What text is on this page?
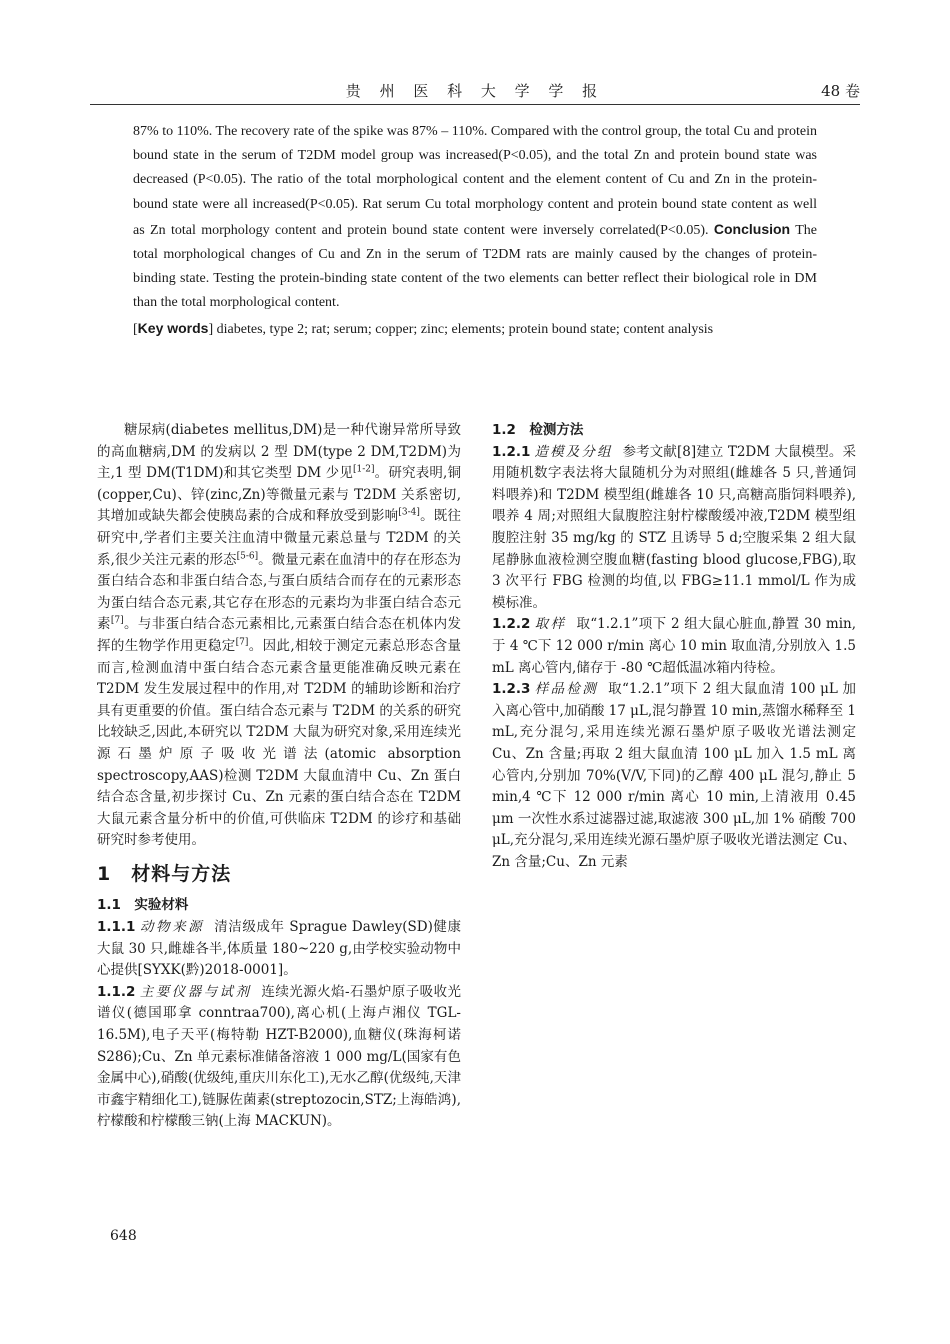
贵 州 医 科 大 学 学 报	48 卷

87% to 110%. The recovery rate of the spike was 87% – 110%. Compared with the control group, the total Cu and protein bound state in the serum of T2DM model group was increased(P<0.05), and the total Zn and protein bound state was decreased (P<0.05). The ratio of the total morphological content and the element content of Cu and Zn in the protein-bound state were all increased(P<0.05). Rat serum Cu total morphology content and protein bound state content as well as Zn total morphology content and protein bound state content were inversely correlated(P<0.05). Conclusion The total morphological changes of Cu and Zn in the serum of T2DM rats are mainly caused by the changes of protein-binding state. Testing the protein-binding state content of the two elements can better reflect their biological role in DM than the total morphological content.

[Key words] diabetes, type 2; rat; serum; copper; zinc; elements; protein bound state; content analysis

糖尿病(diabetes mellitus,DM)是一种代谢异常所导致的高血糖病,DM 的发病以 2 型 DM(type 2 DM,T2DM)为主,1 型 DM(T1DM)和其它类型 DM 少见[1-2]。研究表明,铜(copper,Cu)、锌(zinc,Zn)等微量元素与 T2DM 关系密切,其增加或缺失都会使胰岛素的合成和释放受到影响[3-4]。既往研究中,学者们主要关注血清中微量元素总量与 T2DM 的关系,很少关注元素的形态[5-6]。微量元素在血清中的存在形态为蛋白结合态和非蛋白结合态,与蛋白质结合而存在的元素形态为蛋白结合态元素,其它存在形态的元素均为非蛋白结合态元素[7]。与非蛋白结合态元素相比,元素蛋白结合态在机体内发挥的生物学作用更稳定[7]。因此,相较于测定元素总形态含量而言,检测血清中蛋白结合态元素含量更能准确反映元素在 T2DM 发生发展过程中的作用,对 T2DM 的辅助诊断和治疗具有更重要的价值。蛋白结合态元素与 T2DM 的关系的研究比较缺乏,因此,本研究以 T2DM 大鼠为研究对象,采用连续光源石墨炉原子吸收光谱法(atomic absorption spectroscopy,AAS)检测 T2DM 大鼠血清中 Cu、Zn 蛋白结合态含量,初步探讨 Cu、Zn 元素的蛋白结合态在 T2DM 大鼠元素含量分析中的价值,可供临床 T2DM 的诊疗和基础研究时参考使用。

1　材料与方法
1.1　实验材料

1.1.1 动物来源 清洁级成年 Sprague Dawley(SD)健康大鼠 30 只,雌雄各半,体质量 180~220 g,由学校实验动物中心提供[SYXK(黔)2018-0001]。

1.1.2 主要仪器与试剂 连续光源火焰-石墨炉原子吸收光谱仪(德国耶拿 conntraa700),离心机(上海卢湘仪 TGL-16.5M),电子天平(梅特勒 HZT-B2000),血糖仪(珠海柯诺 S286);Cu、Zn 单元素标准储备溶液 1 000 mg/L(国家有色金属中心),硝酸(优级纯,重庆川东化工),无水乙醇(优级纯,天津市鑫宇精细化工),链脲佐菌素(streptozocin,STZ;上海皓鸿),柠檬酸和柠檬酸三钠(上海 MACKUN)。

1.2　检测方法

1.2.1 造模及分组 参考文献[8]建立 T2DM 大鼠模型。采用随机数字表法将大鼠随机分为对照组(雌雄各 5 只,普通饲料喂养)和 T2DM 模型组(雌雄各 10 只,高糖高脂饲料喂养),喂养 4 周;对照组大鼠腹腔注射柠檬酸缓冲液,T2DM 模型组腹腔注射 35 mg/kg 的 STZ 且诱导 5 d;空腹采集 2 组大鼠尾静脉血液检测空腹血糖(fasting blood glucose,FBG),取 3 次平行 FBG 检测的均值,以 FBG≥11.1 mmol/L 作为成模标准。

1.2.2 取样 取“1.2.1”项下 2 组大鼠心脏血,静置 30 min,于 4 ℃下 12 000 r/min 离心 10 min 取血清,分别放入 1.5 mL 离心管内,储存于 -80 ℃超低温冰箱内待检。

1.2.3 样品检测 取“1.2.1”项下 2 组大鼠血清 100 μL 加入离心管中,加硝酸 17 μL,混匀静置 10 min,蒸馏水稀释至 1 mL,充分混匀,采用连续光源石墨炉原子吸收光谱法测定 Cu、Zn 含量;再取 2 组大鼠血清 100 μL 加入 1.5 mL 离心管内,分别加 70%(V/V,下同)的乙醇 400 μL 混匀,静止 5 min,4 ℃下 12 000 r/min 离心 10 min,上清液用 0.45 μm 一次性水系过滤器过滤,取滤液 300 μL,加 1% 硝酸 700 μL,充分混匀,采用连续光源石墨炉原子吸收光谱法测定 Cu、Zn 含量;Cu、Zn 元素

648
